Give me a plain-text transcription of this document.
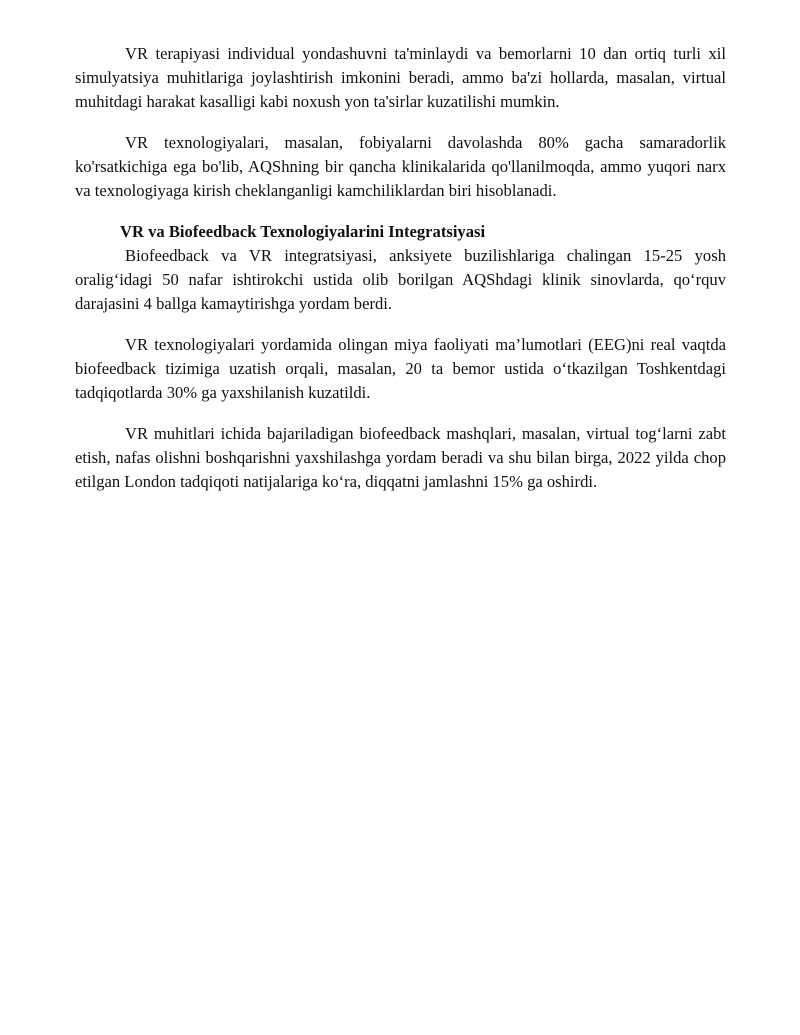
VR terapiyasi individual yondashuvni ta'minlaydi va bemorlarni 10 dan ortiq turli xil simulyatsiya muhitlariga joylashtirish imkonini beradi, ammo ba'zi hollarda, masalan, virtual muhitdagi harakat kasalligi kabi noxush yon ta'sirlar kuzatilishi mumkin.

VR texnologiyalari, masalan, fobiyalarni davolashda 80% gacha samaradorlik ko'rsatkichiga ega bo'lib, AQShning bir qancha klinikalarida qo'llanilmoqda, ammo yuqori narx va texnologiyaga kirish cheklanganligi kamchiliklardan biri hisoblanadi.

VR va Biofeedback Texnologiyalarini Integratsiyasi

Biofeedback va VR integratsiyasi, anksiyete buzilishlariga chalingan 15-25 yosh oralig‘idagi 50 nafar ishtirokchi ustida olib borilgan AQShdagi klinik sinovlarda, qo‘rquv darajasini 4 ballga kamaytirishga yordam berdi.

VR texnologiyalari yordamida olingan miya faoliyati ma’lumotlari (EEG)ni real vaqtda biofeedback tizimiga uzatish orqali, masalan, 20 ta bemor ustida o‘tkazilgan Toshkentdagi tadqiqotlarda 30% ga yaxshilanish kuzatildi.

VR muhitlari ichida bajariladigan biofeedback mashqlari, masalan, virtual tog‘larni zabt etish, nafas olishni boshqarishni yaxshilashga yordam beradi va shu bilan birga, 2022 yilda chop etilgan London tadqiqoti natijalariga ko‘ra, diqqatni jamlashni 15% ga oshirdi.
